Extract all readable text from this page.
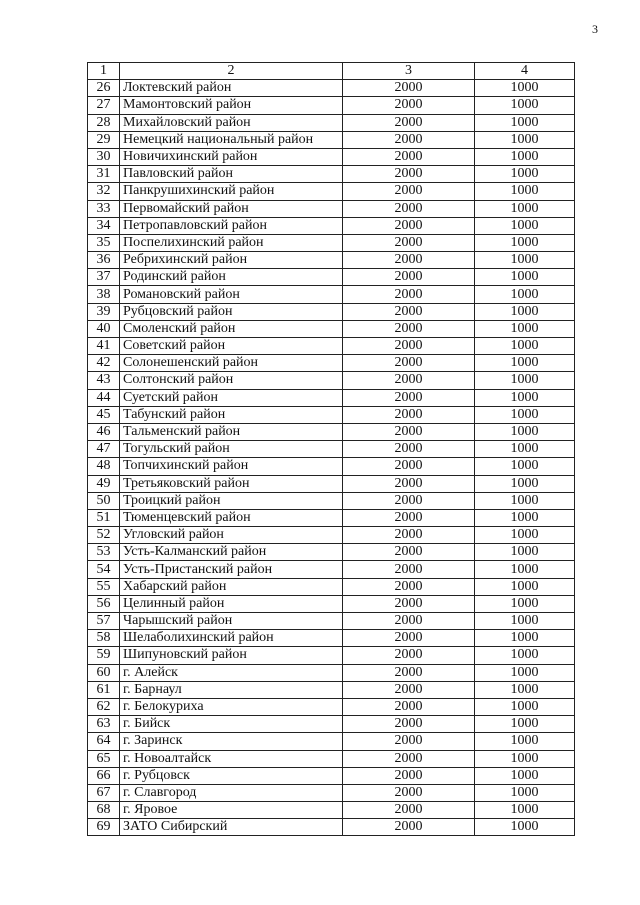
3
1	2	3	4
26	Локтевский район	2000	1000
27	Мамонтовский район	2000	1000
28	Михайловский район	2000	1000
29	Немецкий национальный район	2000	1000
30	Новичихинский район	2000	1000
31	Павловский район	2000	1000
32	Панкрушихинский район	2000	1000
33	Первомайский район	2000	1000
34	Петропавловский район	2000	1000
35	Поспелихинский район	2000	1000
36	Ребрихинский район	2000	1000
37	Родинский район	2000	1000
38	Романовский район	2000	1000
39	Рубцовский район	2000	1000
40	Смоленский район	2000	1000
41	Советский район	2000	1000
42	Солонешенский район	2000	1000
43	Солтонский район	2000	1000
44	Суетский район	2000	1000
45	Табунский район	2000	1000
46	Тальменский район	2000	1000
47	Тогульский район	2000	1000
48	Топчихинский район	2000	1000
49	Третьяковский район	2000	1000
50	Троицкий район	2000	1000
51	Тюменцевский район	2000	1000
52	Угловский район	2000	1000
53	Усть-Калманский район	2000	1000
54	Усть-Пристанский район	2000	1000
55	Хабарский район	2000	1000
56	Целинный район	2000	1000
57	Чарышский район	2000	1000
58	Шелаболихинский район	2000	1000
59	Шипуновский район	2000	1000
60	г. Алейск	2000	1000
61	г. Барнаул	2000	1000
62	г. Белокуриха	2000	1000
63	г. Бийск	2000	1000
64	г. Заринск	2000	1000
65	г. Новоалтайск	2000	1000
66	г. Рубцовск	2000	1000
67	г. Славгород	2000	1000
68	г. Яровое	2000	1000
69	ЗАТО Сибирский	2000	1000
